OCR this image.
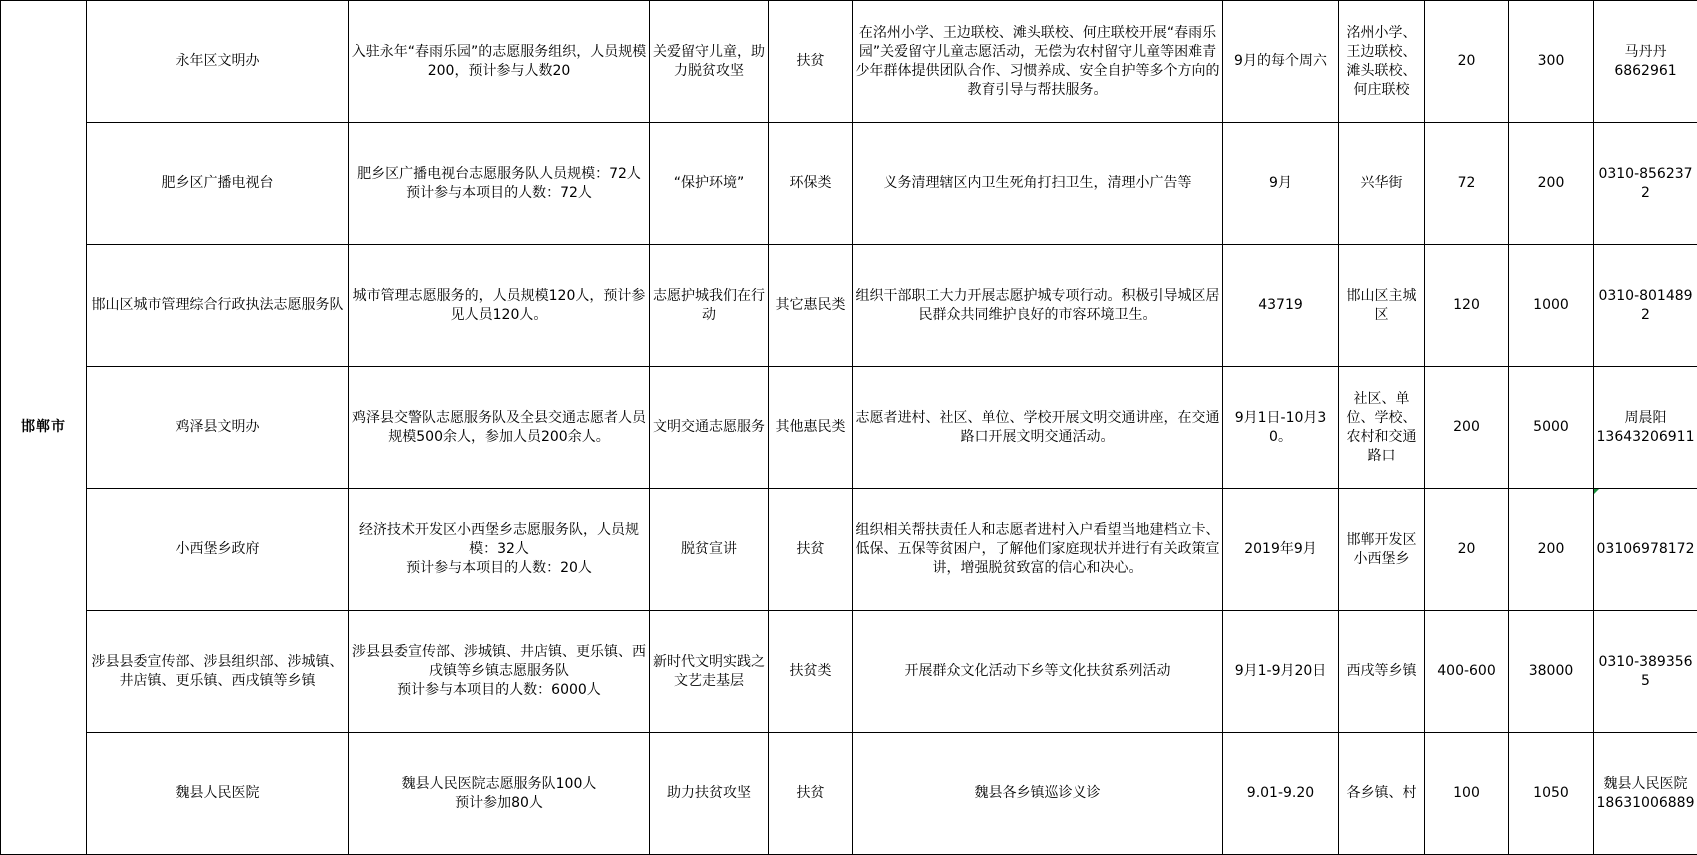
邯郸市	永年区文明办	入驻永年“春雨乐园”的志愿服务组织，人员规模200，预计参与人数20	关爱留守儿童，助力脱贫攻坚	扶贫	在洺州小学、王边联校、滩头联校、何庄联校开展“春雨乐园”关爱留守儿童志愿活动，无偿为农村留守儿童等困难青少年群体提供团队合作、习惯养成、安全自护等多个方向的教育引导与帮扶服务。	9月的每个周六	洺州小学、王边联校、滩头联校、何庄联校	20	300	马丹丹
6862961
	肥乡区广播电视台	肥乡区广播电视台志愿服务队人员规模：72人
预计参与本项目的人数：72人	“保护环境”	环保类	义务清理辖区内卫生死角打扫卫生，清理小广告等	9月	兴华街	72	200	0310-8562372
	邯山区城市管理综合行政执法志愿服务队	城市管理志愿服务的，人员规模120人，预计参见人员120人。	志愿护城我们在行动	其它惠民类	组织干部职工大力开展志愿护城专项行动。积极引导城区居民群众共同维护良好的市容环境卫生。	43719	邯山区主城区	120	1000	0310-8014892
	鸡泽县文明办	鸡泽县交警队志愿服务队及全县交通志愿者人员规模500余人，参加人员200余人。	文明交通志愿服务	其他惠民类	志愿者进村、社区、单位、学校开展文明交通讲座，在交通路口开展文明交通活动。	9月1日-10月30。	社区、单位、学校、农村和交通路口	200	5000	周晨阳
13643206911
	小西堡乡政府	经济技术开发区小西堡乡志愿服务队，人员规模：32人
预计参与本项目的人数：20人	脱贫宣讲	扶贫	组织相关帮扶责任人和志愿者进村入户看望当地建档立卡、低保、五保等贫困户，了解他们家庭现状并进行有关政策宣讲，增强脱贫致富的信心和决心。	2019年9月	邯郸开发区小西堡乡	20	200	03106978172
	涉县县委宣传部、涉县组织部、涉城镇、井店镇、更乐镇、西戌镇等乡镇	涉县县委宣传部、涉城镇、井店镇、更乐镇、西戌镇等乡镇志愿服务队
预计参与本项目的人数：6000人	新时代文明实践之文艺走基层	扶贫类	开展群众文化活动下乡等文化扶贫系列活动	9月1-9月20日	西戌等乡镇	400-600	38000	0310-3893565
	魏县人民医院	魏县人民医院志愿服务队100人
预计参加80人	助力扶贫攻坚	扶贫	魏县各乡镇巡诊义诊	9.01-9.20	各乡镇、村	100	1050	魏县人民医院
18631006889
